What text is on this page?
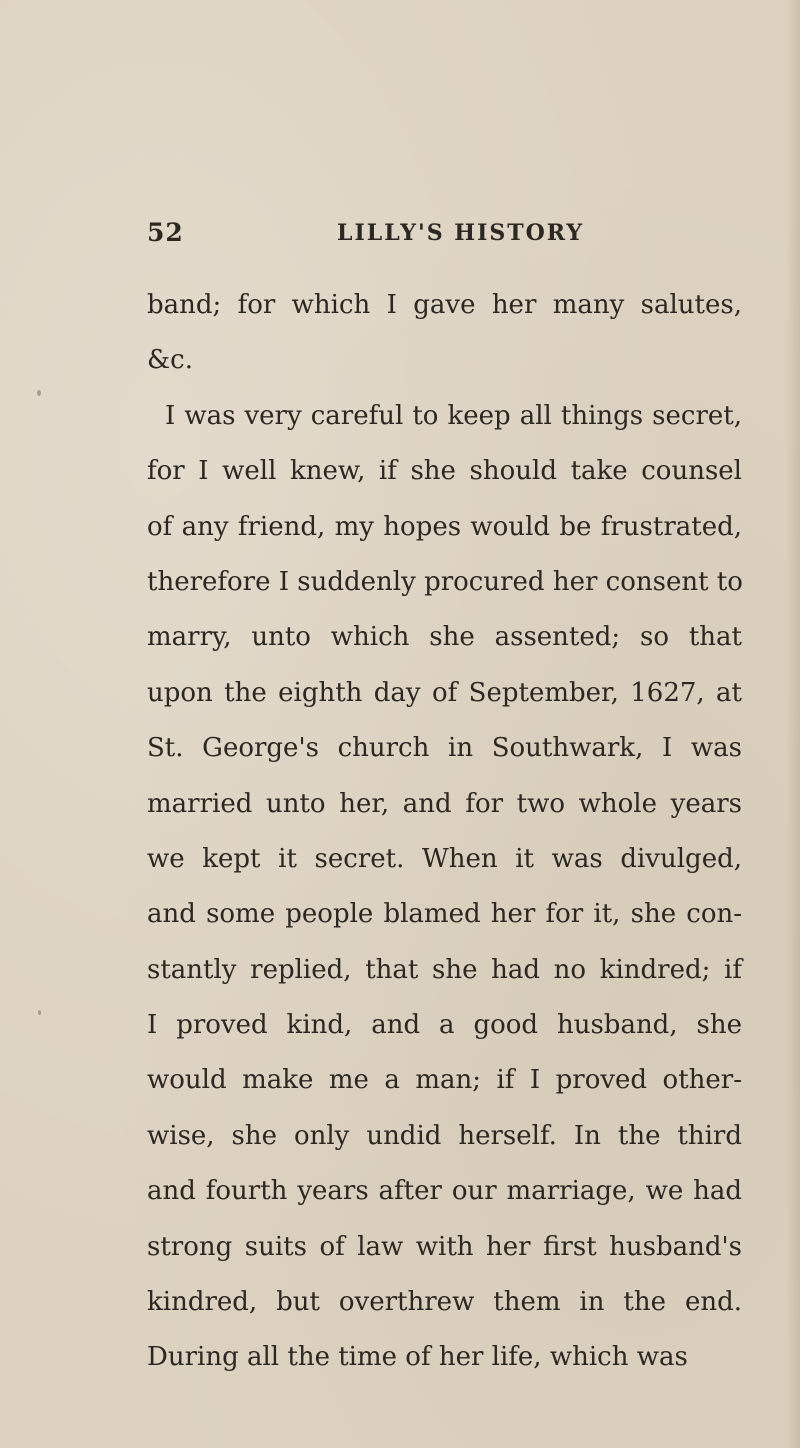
52	LILLY'S HISTORY
band; for which I gave her many salutes,
&c.
I was very careful to keep all things secret,
for I well knew, if she should take counsel
of any friend, my hopes would be frustrated,
therefore I suddenly procured her consent to
marry, unto which she assented; so that
upon the eighth day of September, 1627, at
St. George's church in Southwark, I was
married unto her, and for two whole years
we kept it secret. When it was divulged,
and some people blamed her for it, she con-
stantly replied, that she had no kindred; if
I proved kind, and a good husband, she
would make me a man; if I proved other-
wise, she only undid herself. In the third
and fourth years after our marriage, we had
strong suits of law with her first husband's
kindred, but overthrew them in the end.
During all the time of her life, which was
